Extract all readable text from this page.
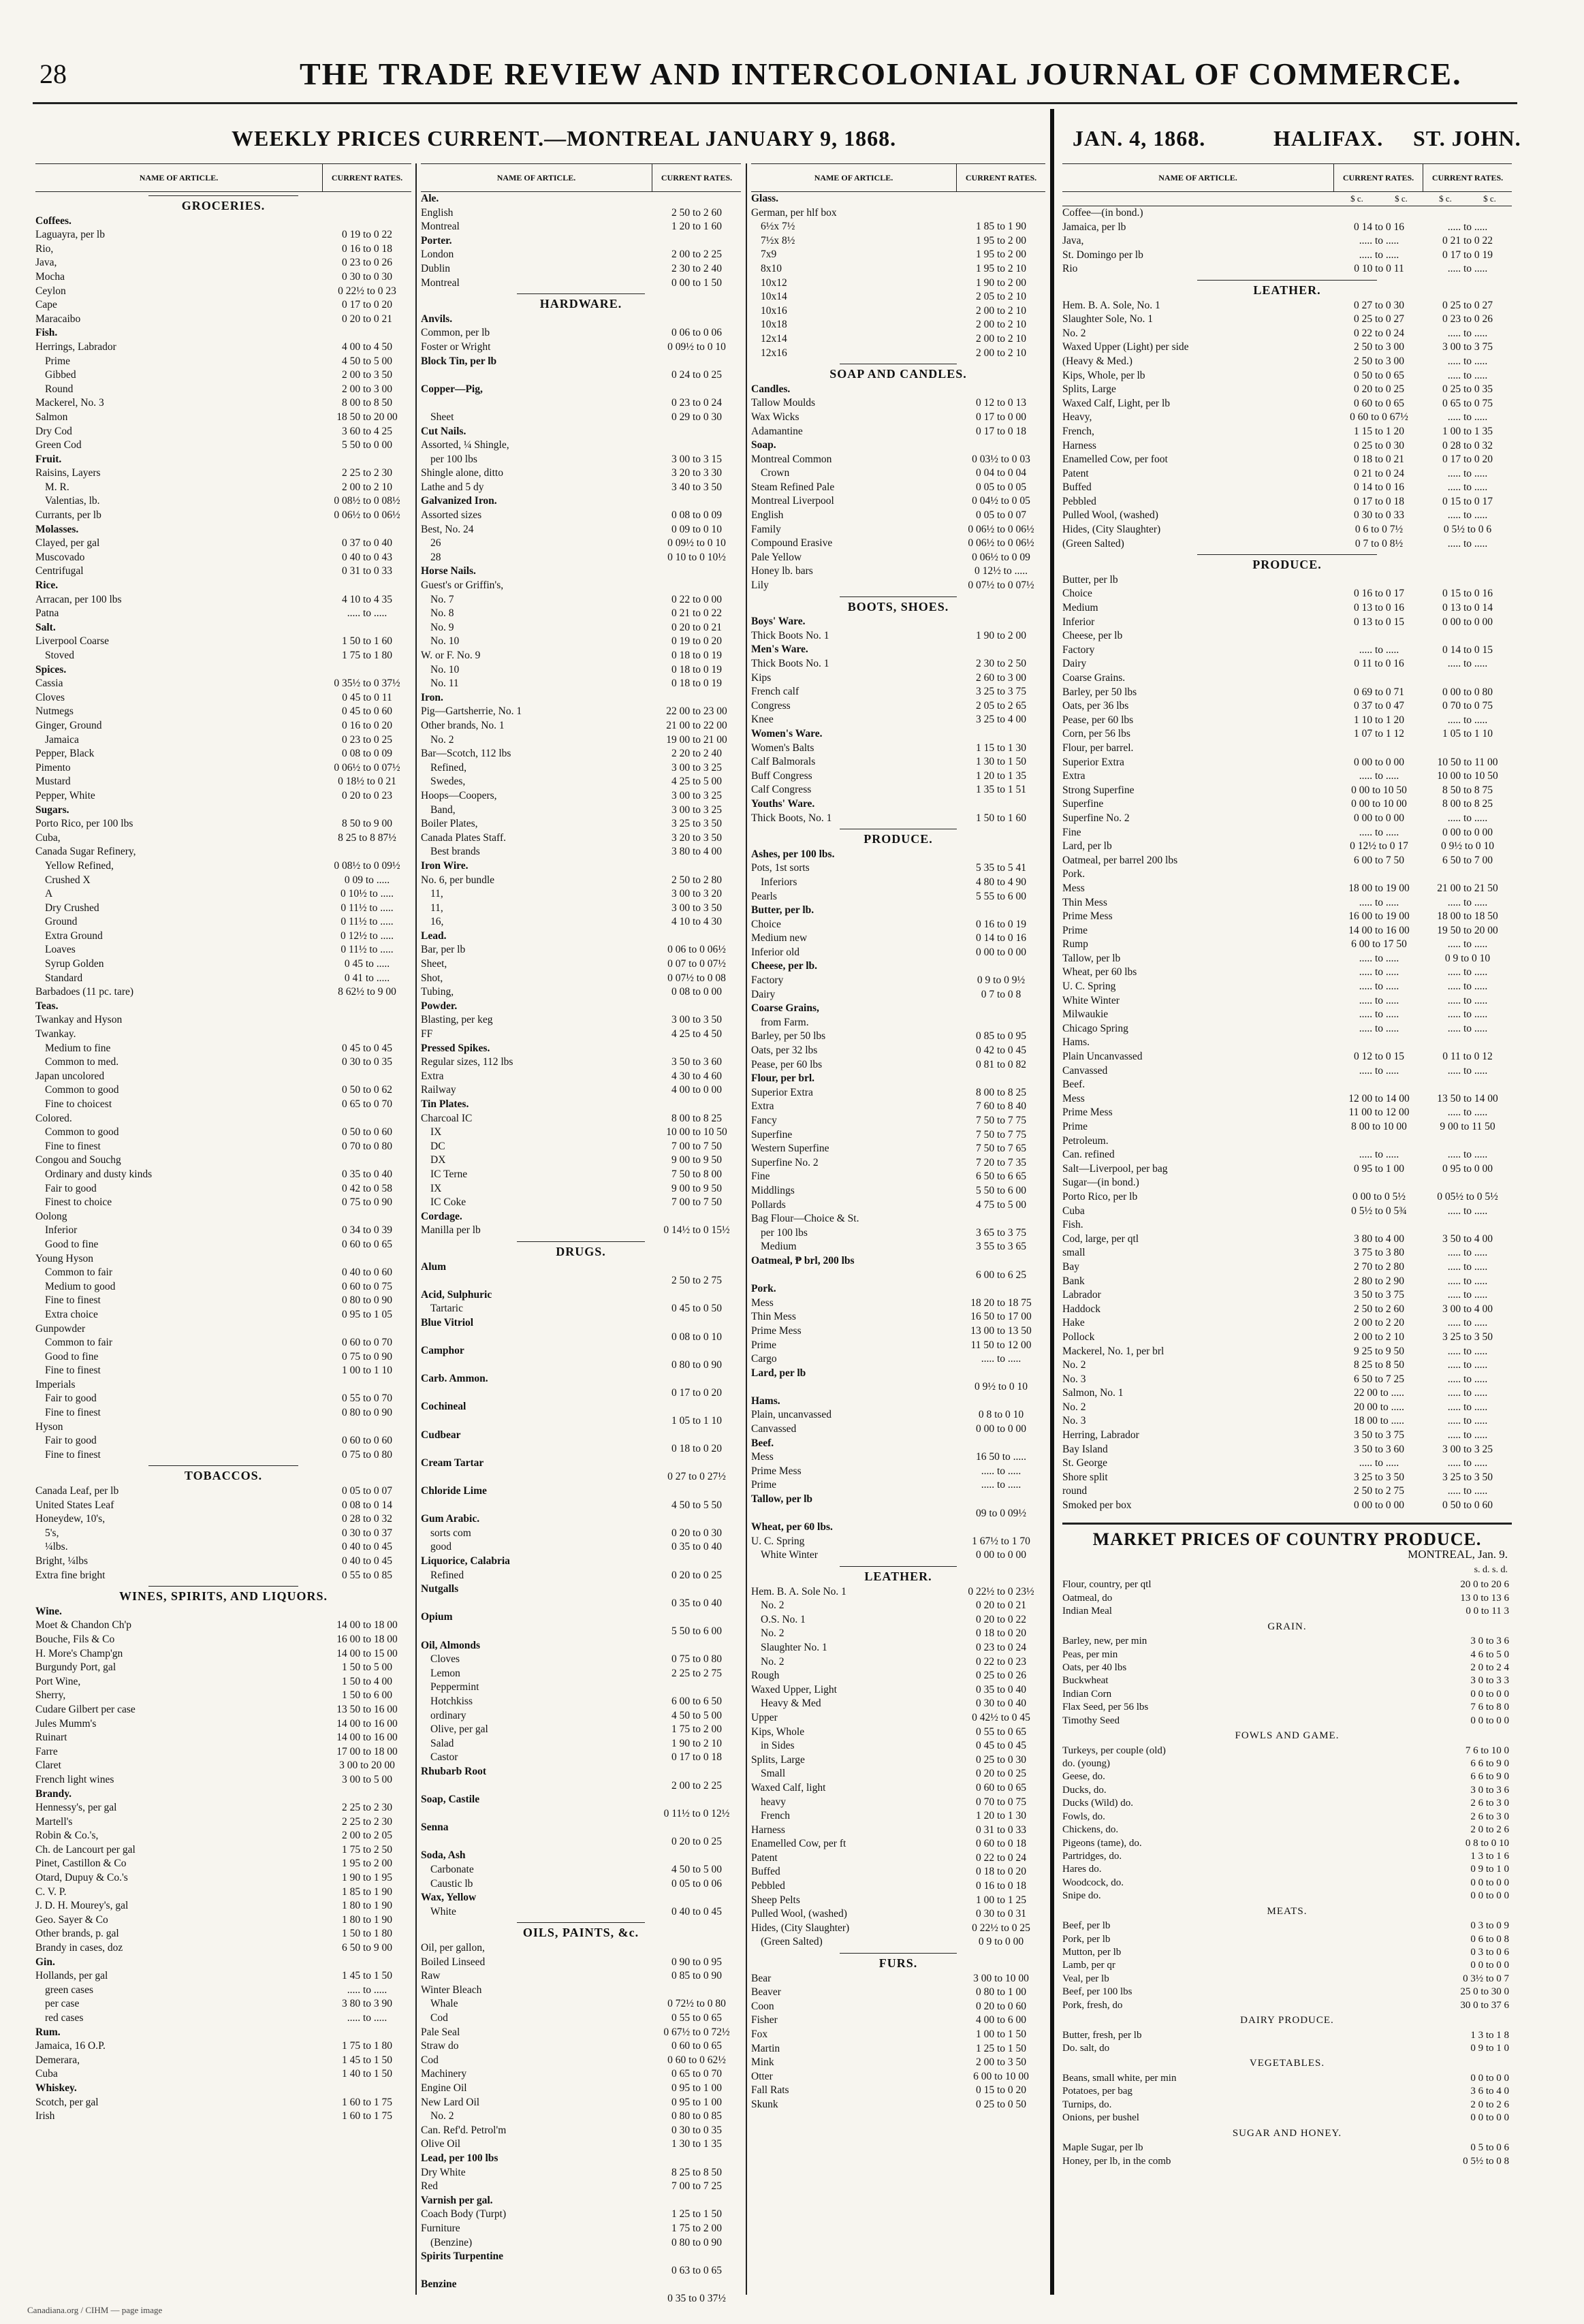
28	THE TRADE REVIEW AND INTERCOLONIAL JOURNAL OF COMMERCE.
WEEKLY PRICES CURRENT.—MONTREAL JANUARY 9, 1868.	JAN. 4, 1868.	HALIFAX. ST. JOHN.
NAME OF ARTICLE.	CURRENT RATES.
GROCERIES.
Coffees.
Laguayra, per lb	0 19 to 0 22
Rio,	0 16 to 0 18
Java,	0 23 to 0 26
Mocha	0 30 to 0 30
Ceylon	0 22½ to 0 23
Cape	0 17 to 0 20
Maracaibo	0 20 to 0 21
Fish.
Herrings, Labrador	4 00 to 4 50
Prime	4 50 to 5 00
Gibbed	2 00 to 3 50
Round	2 00 to 3 00
Mackerel, No. 3	8 00 to 8 50
Salmon	18 50 to 20 00
Dry Cod	3 60 to 4 25
Green Cod	5 50 to 0 00
Fruit.
Raisins, Layers	2 25 to 2 30
M. R.	2 00 to 2 10
Valentias, lb.	0 08½ to 0 08½
Currants, per lb	0 06½ to 0 06½
Molasses.
Clayed, per gal	0 37 to 0 40
Muscovado	0 40 to 0 43
Centrifugal	0 31 to 0 33
Rice.
Arracan, per 100 lbs	4 10 to 4 35
Patna	..... to .....
Salt.
Liverpool Coarse	1 50 to 1 60
Stoved	1 75 to 1 80
Spices.
Cassia	0 35½ to 0 37½
Cloves	0 45 to 0 11
Nutmegs	0 45 to 0 60
Ginger, Ground	0 16 to 0 20
Jamaica	0 23 to 0 25
Pepper, Black	0 08 to 0 09
Pimento	0 06½ to 0 07½
Mustard	0 18½ to 0 21
Pepper, White	0 20 to 0 23
Sugars.
Porto Rico, per 100 lbs	8 50 to 9 00
Cuba,	8 25 to 8 87½
Canada Sugar Refinery,
Yellow Refined,	0 08½ to 0 09½
Crushed X	0 09 to .....
A	0 10½ to .....
Dry Crushed	0 11½ to .....
Ground	0 11½ to .....
Extra Ground	0 12½ to .....
Loaves	0 11½ to .....
Syrup Golden	0 45 to .....
Standard	0 41 to .....
Barbadoes (11 pc. tare)	8 62½ to 9 00
Teas.
Twankay and Hyson
Twankay.
Medium to fine	0 45 to 0 45
Common to med.	0 30 to 0 35
Japan uncolored
Common to good	0 50 to 0 62
Fine to choicest	0 65 to 0 70
Colored.
Common to good	0 50 to 0 60
Fine to finest	0 70 to 0 80
Congou and Souchg
Ordinary and dusty kinds	0 35 to 0 40
Fair to good	0 42 to 0 58
Finest to choice	0 75 to 0 90
Oolong
Inferior	0 34 to 0 39
Good to fine	0 60 to 0 65
Young Hyson
Common to fair	0 40 to 0 60
Medium to good	0 60 to 0 75
Fine to finest	0 80 to 0 90
Extra choice	0 95 to 1 05
Gunpowder
Common to fair	0 60 to 0 70
Good to fine	0 75 to 0 90
Fine to finest	1 00 to 1 10
Imperials
Fair to good	0 55 to 0 70
Fine to finest	0 80 to 0 90
Hyson
Fair to good	0 60 to 0 60
Fine to finest	0 75 to 0 80
TOBACCOS.
Canada Leaf, per lb	0 05 to 0 07
United States Leaf	0 08 to 0 14
Honeydew, 10's,	0 28 to 0 32
5's,	0 30 to 0 37
¼lbs.	0 40 to 0 45
Bright, ¼lbs	0 40 to 0 45
Extra fine bright	0 55 to 0 85
WINES, SPIRITS, AND LIQUORS.
Wine.
Moet & Chandon Ch'p	14 00 to 18 00
Bouche, Fils & Co	16 00 to 18 00
H. More's Champ'gn	14 00 to 15 00
Burgundy Port, gal	1 50 to 5 00
Port Wine,	1 50 to 4 00
Sherry,	1 50 to 6 00
Cudare Gilbert per case	13 50 to 16 00
Jules Mumm's	14 00 to 16 00
Ruinart	14 00 to 16 00
Farre	17 00 to 18 00
Claret	3 00 to 20 00
French light wines	3 00 to 5 00
Brandy.
Hennessy's, per gal	2 25 to 2 30
Martell's	2 25 to 2 30
Robin & Co.'s,	2 00 to 2 05
Ch. de Lancourt per gal	1 75 to 2 50
Pinet, Castillon & Co	1 95 to 2 00
Otard, Dupuy & Co.'s	1 90 to 1 95
C. V. P.	1 85 to 1 90
J. D. H. Mourey's, gal	1 80 to 1 90
Geo. Sayer & Co	1 80 to 1 90
Other brands, p. gal	1 50 to 1 80
Brandy in cases, doz	6 50 to 9 00
Gin.
Hollands, per gal	1 45 to 1 50
green cases	..... to .....
per case	3 80 to 3 90
red cases	..... to .....
Rum.
Jamaica, 16 O.P.	1 75 to 1 80
Demerara,	1 45 to 1 50
Cuba	1 40 to 1 50
Whiskey.
Scotch, per gal	1 60 to 1 75
Irish	1 60 to 1 75
NAME OF ARTICLE.	CURRENT RATES.
Ale.
English	2 50 to 2 60
Montreal	1 20 to 1 60
Porter.
London	2 00 to 2 25
Dublin	2 30 to 2 40
Montreal	0 00 to 1 50
HARDWARE.
Anvils.
Common, per lb	0 06 to 0 06
Foster or Wright	0 09½ to 0 10
Block Tin, per lb
0 24 to 0 25
Copper—Pig,
0 23 to 0 24
Sheet	0 29 to 0 30
Cut Nails.
Assorted, ¼ Shingle,
per 100 lbs	3 00 to 3 15
Shingle alone, ditto	3 20 to 3 30
Lathe and 5 dy	3 40 to 3 50
Galvanized Iron.
Assorted sizes	0 08 to 0 09
Best, No. 24	0 09 to 0 10
26	0 09½ to 0 10
28	0 10 to 0 10½
Horse Nails.
Guest's or Griffin's,
No. 7	0 22 to 0 00
No. 8	0 21 to 0 22
No. 9	0 20 to 0 21
No. 10	0 19 to 0 20
W. or F. No. 9	0 18 to 0 19
No. 10	0 18 to 0 19
No. 11	0 18 to 0 19
Iron.
Pig—Gartsherrie, No. 1	22 00 to 23 00
Other brands, No. 1	21 00 to 22 00
No. 2	19 00 to 21 00
Bar—Scotch, 112 lbs	2 20 to 2 40
Refined,	3 00 to 3 25
Swedes,	4 25 to 5 00
Hoops—Coopers,	3 00 to 3 25
Band,	3 00 to 3 25
Boiler Plates,	3 25 to 3 50
Canada Plates Staff.	3 20 to 3 50
Best brands	3 80 to 4 00
Iron Wire.
No. 6, per bundle	2 50 to 2 80
11,	3 00 to 3 20
11,	3 00 to 3 50
16,	4 10 to 4 30
Lead.
Bar, per lb	0 06 to 0 06½
Sheet,	0 07 to 0 07½
Shot,	0 07½ to 0 08
Tubing,	0 08 to 0 00
Powder.
Blasting, per keg	3 00 to 3 50
FF	4 25 to 4 50
Pressed Spikes.
Regular sizes, 112 lbs	3 50 to 3 60
Extra	4 30 to 4 60
Railway	4 00 to 0 00
Tin Plates.
Charcoal IC	8 00 to 8 25
IX	10 00 to 10 50
DC	7 00 to 7 50
DX	9 00 to 9 50
IC Terne	7 50 to 8 00
IX	9 00 to 9 50
IC Coke	7 00 to 7 50
Cordage.
Manilla per lb	0 14½ to 0 15½
DRUGS.
Alum
2 50 to 2 75
Acid, Sulphuric
Tartaric	0 45 to 0 50
Blue Vitriol
0 08 to 0 10
Camphor
0 80 to 0 90
Carb. Ammon.
0 17 to 0 20
Cochineal
1 05 to 1 10
Cudbear
0 18 to 0 20
Cream Tartar
0 27 to 0 27½
Chloride Lime
4 50 to 5 50
Gum Arabic.
sorts com	0 20 to 0 30
good	0 35 to 0 40
Liquorice, Calabria
Refined	0 20 to 0 25
Nutgalls
0 35 to 0 40
Opium
5 50 to 6 00
Oil, Almonds
Cloves	0 75 to 0 80
Lemon	2 25 to 2 75
Peppermint
Hotchkiss	6 00 to 6 50
ordinary	4 50 to 5 00
Olive, per gal	1 75 to 2 00
Salad	1 90 to 2 10
Castor	0 17 to 0 18
Rhubarb Root
2 00 to 2 25
Soap, Castile
0 11½ to 0 12½
Senna
0 20 to 0 25
Soda, Ash
Carbonate	4 50 to 5 00
Caustic lb	0 05 to 0 06
Wax, Yellow
White	0 40 to 0 45
OILS, PAINTS, &c.
Oil, per gallon,
Boiled Linseed	0 90 to 0 95
Raw	0 85 to 0 90
Winter Bleach
Whale	0 72½ to 0 80
Cod	0 55 to 0 65
Pale Seal	0 67½ to 0 72½
Straw do	0 60 to 0 65
Cod	0 60 to 0 62½
Machinery	0 65 to 0 70
Engine Oil	0 95 to 1 00
New Lard Oil	0 95 to 1 00
No. 2	0 80 to 0 85
Can. Ref'd. Petrol'm	0 30 to 0 35
Olive Oil	1 30 to 1 35
Lead, per 100 lbs
Dry White	8 25 to 8 50
Red	7 00 to 7 25
Varnish per gal.
Coach Body (Turpt)	1 25 to 1 50
Furniture	1 75 to 2 00
(Benzine)	0 80 to 0 90
Spirits Turpentine
0 63 to 0 65
Benzine
0 35 to 0 37½
NAME OF ARTICLE.	CURRENT RATES.
Glass.
German, per hlf box
6½x 7½	1 85 to 1 90
7½x 8½	1 95 to 2 00
7x9	1 95 to 2 00
8x10	1 95 to 2 10
10x12	1 90 to 2 00
10x14	2 05 to 2 10
10x16	2 00 to 2 10
10x18	2 00 to 2 10
12x14	2 00 to 2 10
12x16	2 00 to 2 10
SOAP AND CANDLES.
Candles.
Tallow Moulds	0 12 to 0 13
Wax Wicks	0 17 to 0 00
Adamantine	0 17 to 0 18
Soap.
Montreal Common	0 03½ to 0 03
Crown	0 04 to 0 04
Steam Refined Pale	0 05 to 0 05
Montreal Liverpool	0 04½ to 0 05
English	0 05 to 0 07
Family	0 06½ to 0 06½
Compound Erasive	0 06½ to 0 06½
Pale Yellow	0 06½ to 0 09
Honey lb. bars	0 12½ to .....
Lily	0 07½ to 0 07½
BOOTS, SHOES.
Boys' Ware.
Thick Boots No. 1	1 90 to 2 00
Men's Ware.
Thick Boots No. 1	2 30 to 2 50
Kips	2 60 to 3 00
French calf	3 25 to 3 75
Congress	2 05 to 2 65
Knee	3 25 to 4 00
Women's Ware.
Women's Balts	1 15 to 1 30
Calf Balmorals	1 30 to 1 50
Buff Congress	1 20 to 1 35
Calf Congress	1 35 to 1 51
Youths' Ware.
Thick Boots, No. 1	1 50 to 1 60
PRODUCE.
Ashes, per 100 lbs.
Pots, 1st sorts	5 35 to 5 41
Inferiors	4 80 to 4 90
Pearls	5 55 to 6 00
Butter, per lb.
Choice	0 16 to 0 19
Medium new	0 14 to 0 16
Inferior old	0 00 to 0 00
Cheese, per lb.
Factory	0 9 to 0 9½
Dairy	0 7 to 0 8
Coarse Grains,
from Farm.
Barley, per 50 lbs	0 85 to 0 95
Oats, per 32 lbs	0 42 to 0 45
Pease, per 60 lbs	0 81 to 0 82
Flour, per brl.
Superior Extra	8 00 to 8 25
Extra	7 60 to 8 40
Fancy	7 50 to 7 75
Superfine	7 50 to 7 75
Western Superfine	7 50 to 7 65
Superfine No. 2	7 20 to 7 35
Fine	6 50 to 6 65
Middlings	5 50 to 6 00
Pollards	4 75 to 5 00
Bag Flour—Choice & St.
per 100 lbs	3 65 to 3 75
Medium	3 55 to 3 65
Oatmeal, ₱ brl, 200 lbs
6 00 to 6 25
Pork.
Mess	18 20 to 18 75
Thin Mess	16 50 to 17 00
Prime Mess	13 00 to 13 50
Prime	11 50 to 12 00
Cargo	..... to .....
Lard, per lb
0 9½ to 0 10
Hams.
Plain, uncanvassed	0 8 to 0 10
Canvassed	0 00 to 0 00
Beef.
Mess	16 50 to .....
Prime Mess	..... to .....
Prime	..... to .....
Tallow, per lb
09 to 0 09½
Wheat, per 60 lbs.
U. C. Spring	1 67½ to 1 70
White Winter	0 00 to 0 00
LEATHER.
Hem. B. A. Sole No. 1	0 22½ to 0 23½
No. 2	0 20 to 0 21
O.S. No. 1	0 20 to 0 22
No. 2	0 18 to 0 20
Slaughter No. 1	0 23 to 0 24
No. 2	0 22 to 0 23
Rough	0 25 to 0 26
Waxed Upper, Light	0 35 to 0 40
Heavy & Med	0 30 to 0 40
Upper	0 42½ to 0 45
Kips, Whole	0 55 to 0 65
in Sides	0 45 to 0 45
Splits, Large	0 25 to 0 30
Small	0 20 to 0 25
Waxed Calf, light	0 60 to 0 65
heavy	0 70 to 0 75
French	1 20 to 1 30
Harness	0 31 to 0 33
Enamelled Cow, per ft	0 60 to 0 18
Patent	0 22 to 0 24
Buffed	0 18 to 0 20
Pebbled	0 16 to 0 18
Sheep Pelts	1 00 to 1 25
Pulled Wool, (washed)	0 30 to 0 31
Hides, (City Slaughter)	0 22½ to 0 25
(Green Salted)	0 9 to 0 00
FURS.
Bear	3 00 to 10 00
Beaver	0 80 to 1 00
Coon	0 20 to 0 60
Fisher	4 00 to 6 00
Fox	1 00 to 1 50
Martin	1 25 to 1 50
Mink	2 00 to 3 50
Otter	6 00 to 10 00
Fall Rats	0 15 to 0 20
Skunk	0 25 to 0 50
NAME OF ARTICLE.	CURRENT RATES.	CURRENT RATES.
$ c.	$ c.	$ c.	$ c.
Coffee—(in bond.)
Jamaica, per lb	0 14 to 0 16	..... to .....
Java,	..... to .....	0 21 to 0 22
St. Domingo per lb	..... to .....	0 17 to 0 19
Rio	0 10 to 0 11	..... to .....
LEATHER.
Hem. B. A. Sole, No. 1	0 27 to 0 30	0 25 to 0 27
Slaughter Sole, No. 1	0 25 to 0 27	0 23 to 0 26
No. 2	0 22 to 0 24	..... to .....
Waxed Upper (Light) per side	2 50 to 3 00	3 00 to 3 75
(Heavy & Med.)	2 50 to 3 00	..... to .....
Kips, Whole, per lb	0 50 to 0 65	..... to .....
Splits, Large	0 20 to 0 25	0 25 to 0 35
Waxed Calf, Light, per lb	0 60 to 0 65	0 65 to 0 75
Heavy,	0 60 to 0 67½	..... to .....
French,	1 15 to 1 20	1 00 to 1 35
Harness	0 25 to 0 30	0 28 to 0 32
Enamelled Cow, per foot	0 18 to 0 21	0 17 to 0 20
Patent	0 21 to 0 24	..... to .....
Buffed	0 14 to 0 16	..... to .....
Pebbled	0 17 to 0 18	0 15 to 0 17
Pulled Wool, (washed)	0 30 to 0 33	..... to .....
Hides, (City Slaughter)	0 6 to 0 7½	0 5½ to 0 6
(Green Salted)	0 7 to 0 8½	..... to .....
PRODUCE.
Butter, per lb
Choice	0 16 to 0 17	0 15 to 0 16
Medium	0 13 to 0 16	0 13 to 0 14
Inferior	0 13 to 0 15	0 00 to 0 00
Cheese, per lb
Factory	..... to .....	0 14 to 0 15
Dairy	0 11 to 0 16	..... to .....
Coarse Grains.
Barley, per 50 lbs	0 69 to 0 71	0 00 to 0 80
Oats, per 36 lbs	0 37 to 0 47	0 70 to 0 75
Pease, per 60 lbs	1 10 to 1 20	..... to .....
Corn, per 56 lbs	1 07 to 1 12	1 05 to 1 10
Flour, per barrel.
Superior Extra	0 00 to 0 00	10 50 to 11 00
Extra	..... to .....	10 00 to 10 50
Strong Superfine	0 00 to 10 50	8 50 to 8 75
Superfine	0 00 to 10 00	8 00 to 8 25
Superfine No. 2	0 00 to 0 00	..... to .....
Fine	..... to .....	0 00 to 0 00
Lard, per lb	0 12½ to 0 17	0 9½ to 0 10
Oatmeal, per barrel 200 lbs	6 00 to 7 50	6 50 to 7 00
Pork.
Mess	18 00 to 19 00	21 00 to 21 50
Thin Mess	..... to .....	..... to .....
Prime Mess	16 00 to 19 00	18 00 to 18 50
Prime	14 00 to 16 00	19 50 to 20 00
Rump	6 00 to 17 50	..... to .....
Tallow, per lb	..... to .....	0 9 to 0 10
Wheat, per 60 lbs	..... to .....	..... to .....
U. C. Spring	..... to .....	..... to .....
White Winter	..... to .....	..... to .....
Milwaukie	..... to .....	..... to .....
Chicago Spring	..... to .....	..... to .....
Hams.
Plain Uncanvassed	0 12 to 0 15	0 11 to 0 12
Canvassed	..... to .....	..... to .....
Beef.
Mess	12 00 to 14 00	13 50 to 14 00
Prime Mess	11 00 to 12 00	..... to .....
Prime	8 00 to 10 00	9 00 to 11 50
Petroleum.
Can. refined	..... to .....	..... to .....
Salt—Liverpool, per bag	0 95 to 1 00	0 95 to 0 00
Sugar—(in bond.)
Porto Rico, per lb	0 00 to 0 5½	0 05½ to 0 5½
Cuba	0 5½ to 0 5¾	..... to .....
Fish.
Cod, large, per qtl	3 80 to 4 00	3 50 to 4 00
small	3 75 to 3 80	..... to .....
Bay	2 70 to 2 80	..... to .....
Bank	2 80 to 2 90	..... to .....
Labrador	3 50 to 3 75	..... to .....
Haddock	2 50 to 2 60	3 00 to 4 00
Hake	2 00 to 2 20	..... to .....
Pollock	2 00 to 2 10	3 25 to 3 50
Mackerel, No. 1, per brl	9 25 to 9 50	..... to .....
No. 2	8 25 to 8 50	..... to .....
No. 3	6 50 to 7 25	..... to .....
Salmon, No. 1	22 00 to .....	..... to .....
No. 2	20 00 to .....	..... to .....
No. 3	18 00 to .....	..... to .....
Herring, Labrador	3 50 to 3 75	..... to .....
Bay Island	3 50 to 3 60	3 00 to 3 25
St. George	..... to .....	..... to .....
Shore split	3 25 to 3 50	3 25 to 3 50
round	2 50 to 2 75	..... to .....
Smoked per box	0 00 to 0 00	0 50 to 0 60
MARKET PRICES OF COUNTRY PRODUCE.
MONTREAL, Jan. 9.
s. d. s. d.
Flour, country, per qtl	20 0 to 20 6
Oatmeal, do	13 0 to 13 6
Indian Meal	0 0 to 11 3
GRAIN.
Barley, new, per min	3 0 to 3 6
Peas, per min	4 6 to 5 0
Oats, per 40 lbs	2 0 to 2 4
Buckwheat	3 0 to 3 3
Indian Corn	0 0 to 0 0
Flax Seed, per 56 lbs	7 6 to 8 0
Timothy Seed	0 0 to 0 0
FOWLS AND GAME.
Turkeys, per couple (old)	7 6 to 10 0
do. (young)	6 6 to 9 0
Geese, do.	6 6 to 9 0
Ducks, do.	3 0 to 3 6
Ducks (Wild) do.	2 6 to 3 0
Fowls, do.	2 6 to 3 0
Chickens, do.	2 0 to 2 6
Pigeons (tame), do.	0 8 to 0 10
Partridges, do.	1 3 to 1 6
Hares do.	0 9 to 1 0
Woodcock, do.	0 0 to 0 0
Snipe do.	0 0 to 0 0
MEATS.
Beef, per lb	0 3 to 0 9
Pork, per lb	0 6 to 0 8
Mutton, per lb	0 3 to 0 6
Lamb, per qr	0 0 to 0 0
Veal, per lb	0 3½ to 0 7
Beef, per 100 lbs	25 0 to 30 0
Pork, fresh, do	30 0 to 37 6
DAIRY PRODUCE.
Butter, fresh, per lb	1 3 to 1 8
Do. salt, do	0 9 to 1 0
VEGETABLES.
Beans, small white, per min	0 0 to 0 0
Potatoes, per bag	3 6 to 4 0
Turnips, do.	2 0 to 2 6
Onions, per bushel	0 0 to 0 0
SUGAR AND HONEY.
Maple Sugar, per lb	0 5 to 0 6
Honey, per lb, in the comb	0 5½ to 0 8
Canadiana.org / CIHM — page image
